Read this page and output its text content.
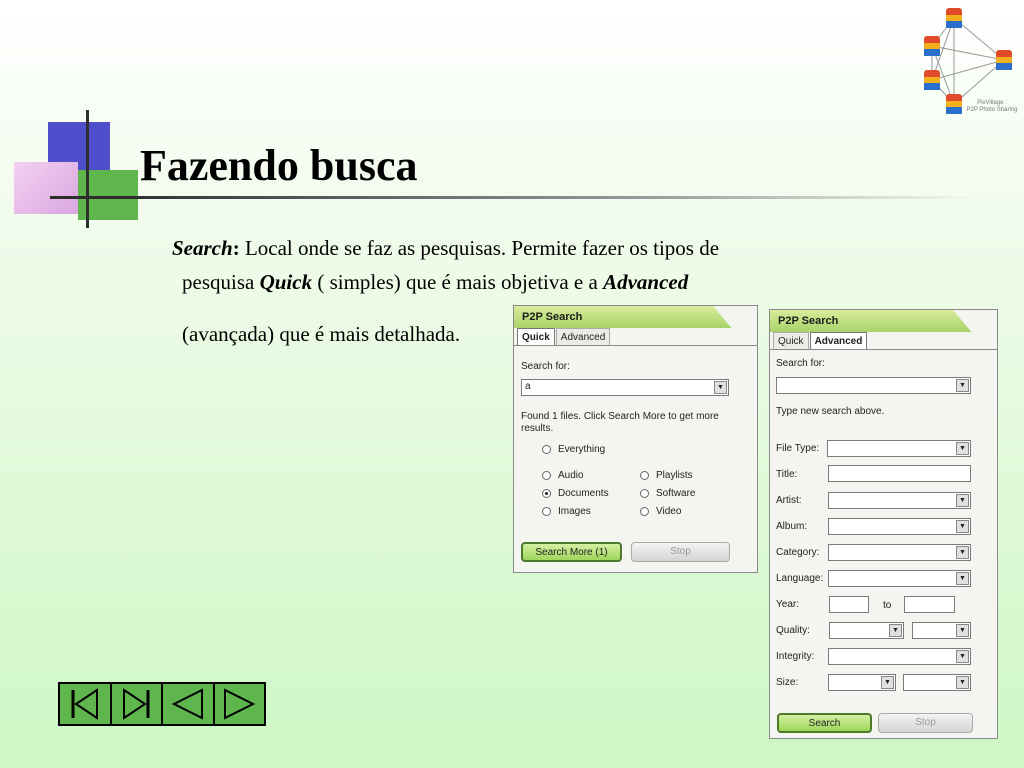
Fazendo busca
PixVillage :
P2P Photo Sharing
Search: Local onde se faz as pesquisas. Permite fazer os tipos de
pesquisa Quick ( simples) que é mais objetiva e a Advanced
(avançada) que é mais detalhada.
P2P Search
Quick	Advanced
Search for:
a	▼
Found 1 files. Click Search More to get more
results.
Everything
Audio	Playlists
Documents	Software
Images	Video
Search More (1)	Stop
P2P Search
Quick	Advanced
Search for:
▼
Type new search above.
File Type:	▼
Title:
Artist:	▼
Album:	▼
Category:	▼
Language:	▼
Year:	to
Quality:	▼	▼
Integrity:	▼
Size:	▼	▼
Search	Stop
